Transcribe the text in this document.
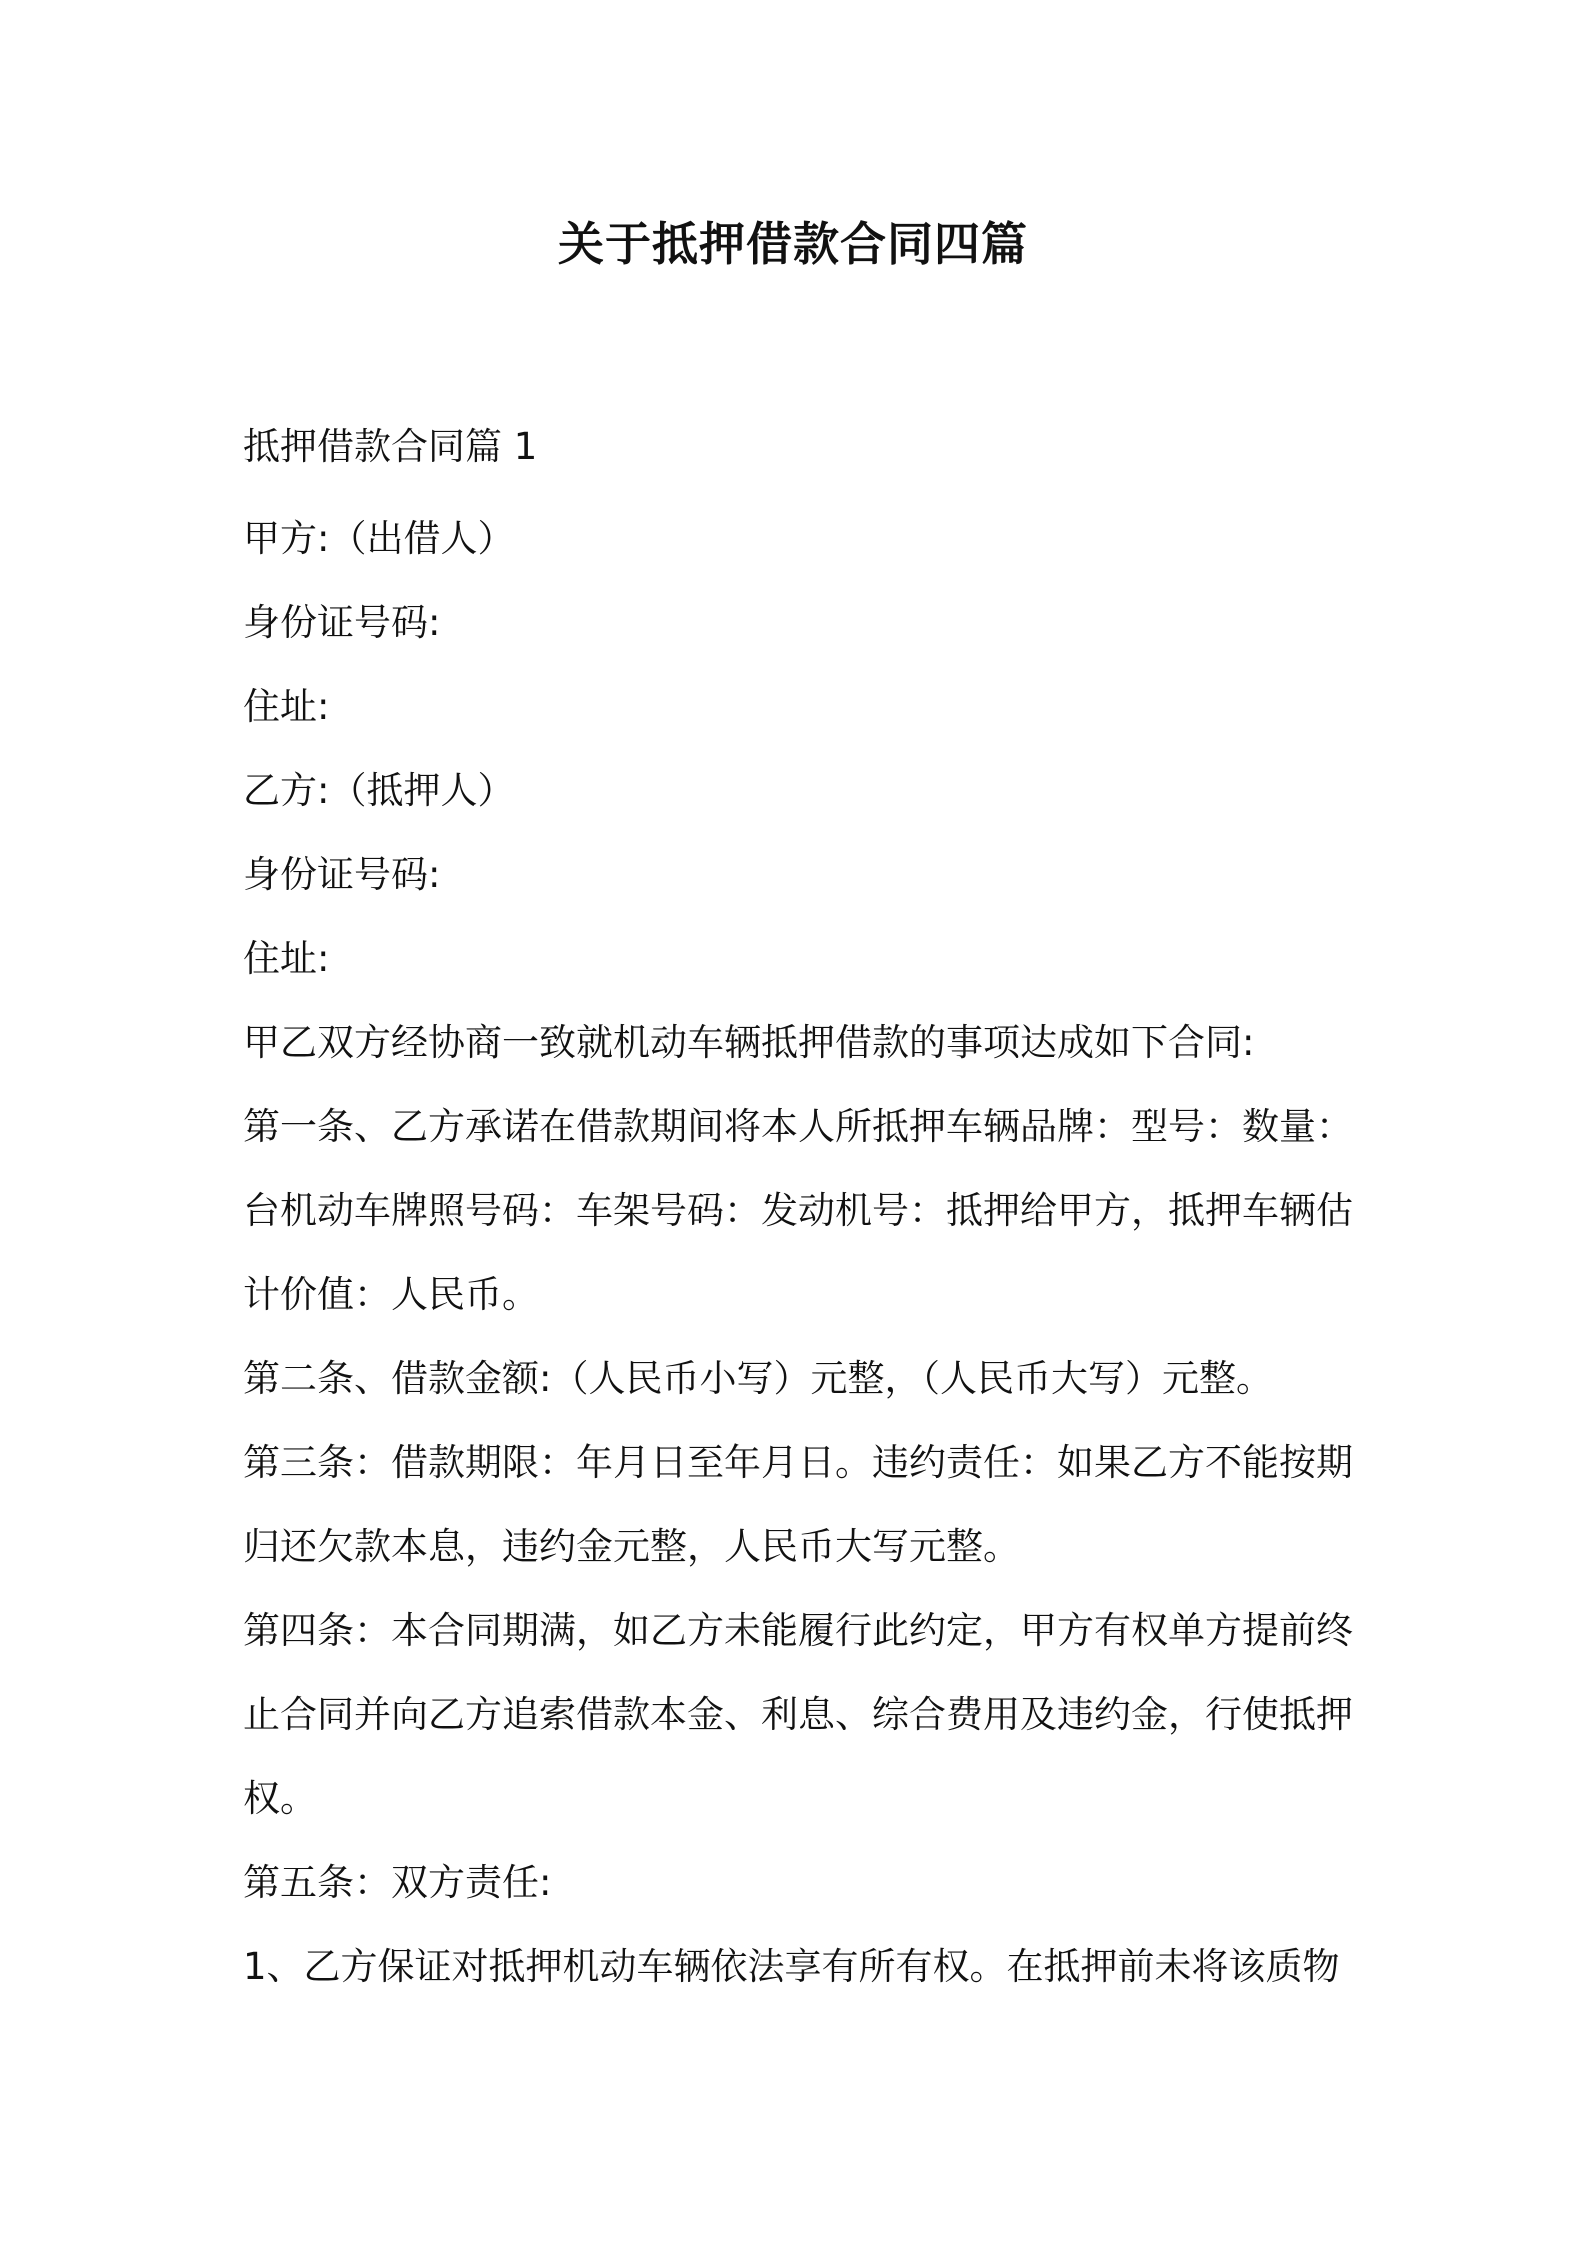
关于抵押借款合同四篇

抵押借款合同篇 1

甲方:（出借人）

身份证号码:

住址:

乙方:（抵押人）

身份证号码:

住址:

甲乙双方经协商一致就机动车辆抵押借款的事项达成如下合同:

第一条、乙方承诺在借款期间将本人所抵押车辆品牌：型号：数量：台机动车牌照号码：车架号码：发动机号：抵押给甲方，抵押车辆估计价值：人民币。

第二条、借款金额:（人民币小写）元整，（人民币大写）元整。

第三条：借款期限：年月日至年月日。违约责任：如果乙方不能按期归还欠款本息，违约金元整，人民币大写元整。

第四条：本合同期满，如乙方未能履行此约定，甲方有权单方提前终止合同并向乙方追索借款本金、利息、综合费用及违约金，行使抵押权。

第五条：双方责任:

1、乙方保证对抵押机动车辆依法享有所有权。在抵押前未将该质物
